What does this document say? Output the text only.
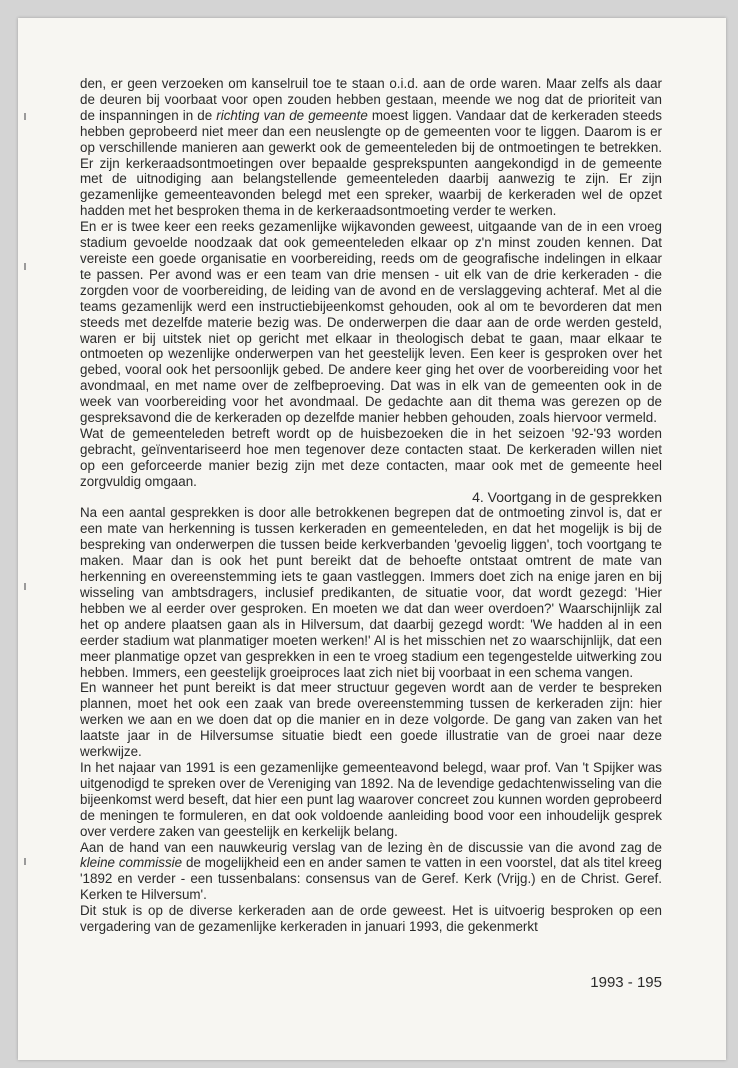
den, er geen verzoeken om kanselruil toe te staan o.i.d. aan de orde waren. Maar zelfs als daar de deuren bij voorbaat voor open zouden hebben gestaan, meende we nog dat de prioriteit van de inspanningen in de richting van de gemeente moest liggen. Vandaar dat de kerkeraden steeds hebben geprobeerd niet meer dan een neuslengte op de gemeenten voor te liggen. Daarom is er op verschillende manieren aan gewerkt ook de gemeenteleden bij de ontmoetingen te betrekken. Er zijn kerkeraadsontmoetingen over bepaalde gesprekspunten aangekondigd in de gemeente met de uitnodiging aan belangstellende gemeenteleden daarbij aanwezig te zijn. Er zijn gezamenlijke gemeenteavonden belegd met een spreker, waarbij de kerkeraden wel de opzet hadden met het besproken thema in de kerkeraadsontmoeting verder te werken.

En er is twee keer een reeks gezamenlijke wijkavonden geweest, uitgaande van de in een vroeg stadium gevoelde noodzaak dat ook gemeenteleden elkaar op z'n minst zouden kennen. Dat vereiste een goede organisatie en voorbereiding, reeds om de geografische indelingen in elkaar te passen. Per avond was er een team van drie mensen - uit elk van de drie kerkeraden - die zorgden voor de voorbereiding, de leiding van de avond en de verslaggeving achteraf. Met al die teams gezamenlijk werd een instructiebijeenkomst gehouden, ook al om te bevorderen dat men steeds met dezelfde materie bezig was. De onderwerpen die daar aan de orde werden gesteld, waren er bij uitstek niet op gericht met elkaar in theologisch debat te gaan, maar elkaar te ontmoeten op wezenlijke onderwerpen van het geestelijk leven. Een keer is gesproken over het gebed, vooral ook het persoonlijk gebed. De andere keer ging het over de voorbereiding voor het avondmaal, en met name over de zelfbeproeving. Dat was in elk van de gemeenten ook in de week van voorbereiding voor het avondmaal. De gedachte aan dit thema was gerezen op de gespreksavond die de kerkeraden op dezelfde manier hebben gehouden, zoals hiervoor vermeld.

Wat de gemeenteleden betreft wordt op de huisbezoeken die in het seizoen '92-'93 worden gebracht, geïnventariseerd hoe men tegenover deze contacten staat. De kerkeraden willen niet op een geforceerde manier bezig zijn met deze contacten, maar ook met de gemeente heel zorgvuldig omgaan.

4. Voortgang in de gesprekken

Na een aantal gesprekken is door alle betrokkenen begrepen dat de ontmoeting zinvol is, dat er een mate van herkenning is tussen kerkeraden en gemeenteleden, en dat het mogelijk is bij de bespreking van onderwerpen die tussen beide kerkverbanden 'gevoelig liggen', toch voortgang te maken. Maar dan is ook het punt bereikt dat de behoefte ontstaat omtrent de mate van herkenning en overeenstemming iets te gaan vastleggen. Immers doet zich na enige jaren en bij wisseling van ambtsdragers, inclusief predikanten, de situatie voor, dat wordt gezegd: 'Hier hebben we al eerder over gesproken. En moeten we dat dan weer overdoen?' Waarschijnlijk zal het op andere plaatsen gaan als in Hilversum, dat daarbij gezegd wordt: 'We hadden al in een eerder stadium wat planmatiger moeten werken!' Al is het misschien net zo waarschijnlijk, dat een meer planmatige opzet van gesprekken in een te vroeg stadium een tegengestelde uitwerking zou hebben. Immers, een geestelijk groeiproces laat zich niet bij voorbaat in een schema vangen.

En wanneer het punt bereikt is dat meer structuur gegeven wordt aan de verder te bespreken plannen, moet het ook een zaak van brede overeenstemming tussen de kerkeraden zijn: hier werken we aan en we doen dat op die manier en in deze volgorde. De gang van zaken van het laatste jaar in de Hilversumse situatie biedt een goede illustratie van de groei naar deze werkwijze.

In het najaar van 1991 is een gezamenlijke gemeenteavond belegd, waar prof. Van 't Spijker was uitgenodigd te spreken over de Vereniging van 1892. Na de levendige gedachtenwisseling van die bijeenkomst werd beseft, dat hier een punt lag waarover concreet zou kunnen worden geprobeerd de meningen te formuleren, en dat ook voldoende aanleiding bood voor een inhoudelijk gesprek over verdere zaken van geestelijk en kerkelijk belang.

Aan de hand van een nauwkeurig verslag van de lezing èn de discussie van die avond zag de kleine commissie de mogelijkheid een en ander samen te vatten in een voorstel, dat als titel kreeg '1892 en verder - een tussenbalans: consensus van de Geref. Kerk (Vrijg.) en de Christ. Geref. Kerken te Hilversum'.

Dit stuk is op de diverse kerkeraden aan de orde geweest. Het is uitvoerig besproken op een vergadering van de gezamenlijke kerkeraden in januari 1993, die gekenmerkt

1993 - 195
